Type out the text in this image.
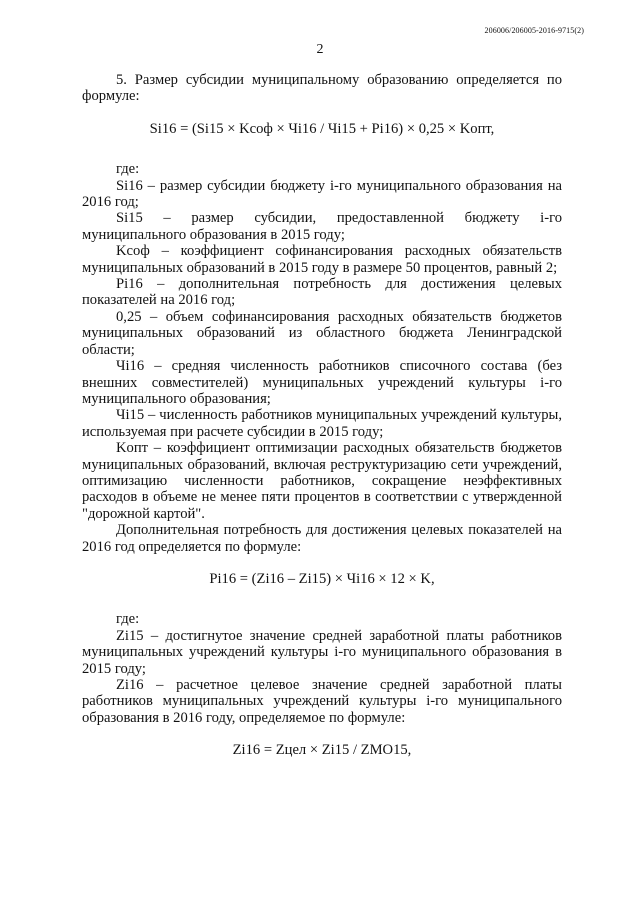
206006/206005-2016-9715(2)
2

5. Размер субсидии муниципальному образованию определяется по формуле:

Si16 = (Si15 × Kсоф × Чi16 / Чi15 + Pi16) × 0,25 × Kопт,

где:

Si16 – размер субсидии бюджету i-го муниципального образования на 2016 год;

Si15 – размер субсидии, предоставленной бюджету i-го муниципального образования в 2015 году;

Kсоф – коэффициент софинансирования расходных обязательств муниципальных образований в 2015 году в размере 50 процентов, равный 2;

Pi16 – дополнительная потребность для достижения целевых показателей на 2016 год;

0,25 – объем софинансирования расходных обязательств бюджетов муниципальных образований из областного бюджета Ленинградской области;

Чi16 – средняя численность работников списочного состава (без внешних совместителей) муниципальных учреждений культуры i-го муниципального образования;

Чi15 – численность работников муниципальных учреждений культуры, используемая при расчете субсидии в 2015 году;

Kопт – коэффициент оптимизации расходных обязательств бюджетов муниципальных образований, включая реструктуризацию сети учреждений, оптимизацию численности работников, сокращение неэффективных расходов в объеме не менее пяти процентов в соответствии с утвержденной "дорожной картой".

Дополнительная потребность для достижения целевых показателей на 2016 год определяется по формуле:

Pi16 = (Zi16 – Zi15) × Чi16 × 12 × K,

где:

Zi15 – достигнутое значение средней заработной платы работников муниципальных учреждений культуры i-го муниципального образования в 2015 году;

Zi16 – расчетное целевое значение средней заработной платы работников муниципальных учреждений культуры i-го муниципального образования в 2016 году, определяемое по формуле:

Zi16 = Zцел × Zi15 / ZМО15,
